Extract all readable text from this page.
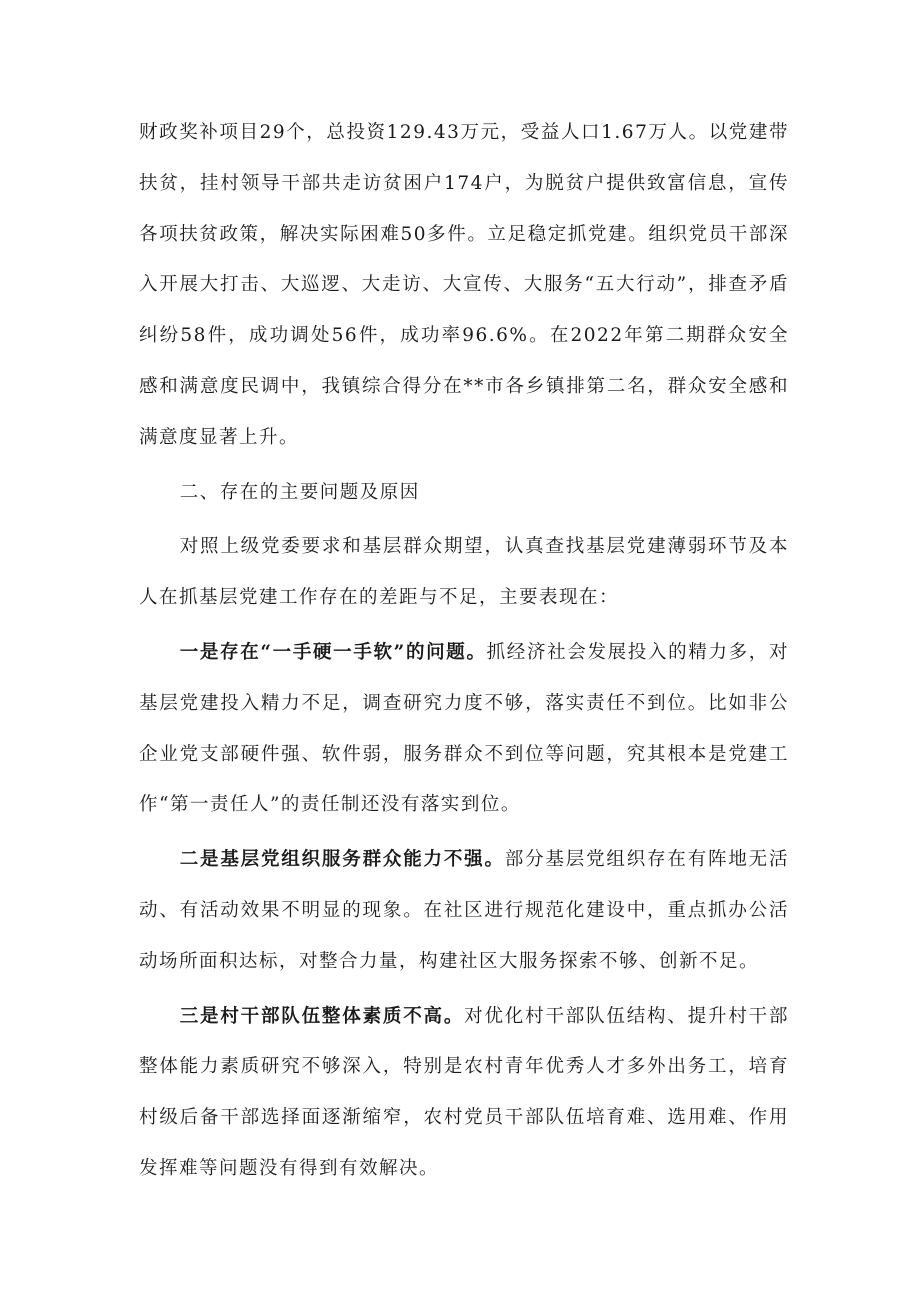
财政奖补项目29个，总投资129.43万元，受益人口1.67万人。以党建带扶贫，挂村领导干部共走访贫困户174户，为脱贫户提供致富信息，宣传各项扶贫政策，解决实际困难50多件。立足稳定抓党建。组织党员干部深入开展大打击、大巡逻、大走访、大宣传、大服务“五大行动”，排查矛盾纠纷58件，成功调处56件，成功率96.6%。在2022年第二期群众安全感和满意度民调中，我镇综合得分在**市各乡镇排第二名，群众安全感和满意度显著上升。

二、存在的主要问题及原因

对照上级党委要求和基层群众期望，认真查找基层党建薄弱环节及本人在抓基层党建工作存在的差距与不足，主要表现在：

一是存在“一手硬一手软”的问题。抓经济社会发展投入的精力多，对基层党建投入精力不足，调查研究力度不够，落实责任不到位。比如非公企业党支部硬件强、软件弱，服务群众不到位等问题，究其根本是党建工作“第一责任人”的责任制还没有落实到位。

二是基层党组织服务群众能力不强。部分基层党组织存在有阵地无活动、有活动效果不明显的现象。在社区进行规范化建设中，重点抓办公活动场所面积达标，对整合力量，构建社区大服务探索不够、创新不足。

三是村干部队伍整体素质不高。对优化村干部队伍结构、提升村干部整体能力素质研究不够深入，特别是农村青年优秀人才多外出务工，培育村级后备干部选择面逐渐缩窄，农村党员干部队伍培育难、选用难、作用发挥难等问题没有得到有效解决。
